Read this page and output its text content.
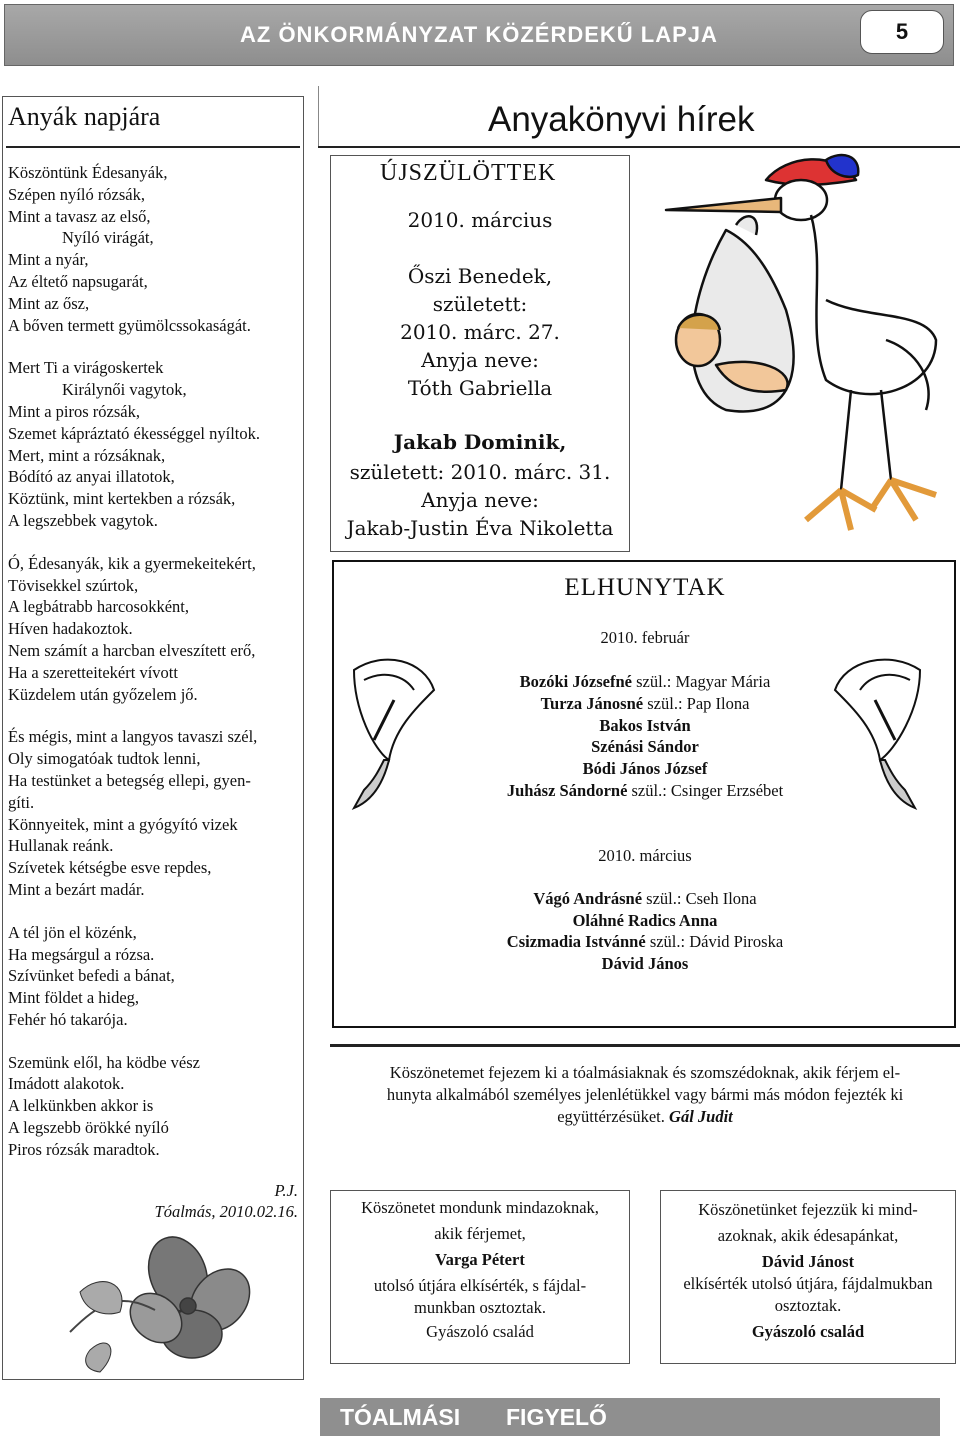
AZ ÖNKORMÁNYZAT KÖZÉRDEKŰ LAPJA	5
Anyák napjára
Köszöntünk Édesanyák,
Szépen nyíló rózsák,
Mint a tavasz az első,
Nyíló virágát,
Mint a nyár,
Az éltető napsugarát,
Mint az ősz,
A bőven termett gyümölcssokaságát.
Mert Ti a virágoskertek
Királynői vagytok,
Mint a piros rózsák,
Szemet kápráztató ékességgel nyíltok.
Mert, mint a rózsáknak,
Bódító az anyai illatotok,
Köztünk, mint kertekben a rózsák,
A legszebbek vagytok.
Ó, Édesanyák, kik a gyermekeitekért,
Tövisekkel szúrtok,
A legbátrabb harcosokként,
Híven hadakoztok.
Nem számít a harcban elveszített erő,
Ha a szeretteitekért vívott
Küzdelem után győzelem jő.
És mégis, mint a langyos tavaszi szél,
Oly simogatóak tudtok lenni,
Ha testünket a betegség ellepi, gyen-
gíti.
Könnyeitek, mint a gyógyító vizek
Hullanak reánk.
Szívetek kétségbe esve repdes,
Mint a bezárt madár.
A tél jön el közénk,
Ha megsárgul a rózsa.
Szívünket befedi a bánat,
Mint földet a hideg,
Fehér hó takarója.
Szemünk elől, ha ködbe vész
Imádott alakotok.
A lelkünkben akkor is
A legszebb örökké nyíló
Piros rózsák maradtok.
P.J.
Tóalmás, 2010.02.16.
Anyakönyvi hírek
ÚJSZÜLÖTTEK
2010. március
Őszi Benedek,
született:
2010. márc. 27.
Anyja neve:
Tóth Gabriella
Jakab Dominik,
született: 2010. márc. 31.
Anyja neve:
Jakab-Justin Éva Nikoletta
ELHUNYTAK
2010. február
Bozóki Józsefné szül.: Magyar Mária
Turza Jánosné szül.: Pap Ilona
Bakos István
Szénási Sándor
Bódi János József
Juhász Sándorné szül.: Csinger Erzsébet
2010. március
Vágó Andrásné szül.: Cseh Ilona
Oláhné Radics Anna
Csizmadia Istvánné szül.: Dávid Piroska
Dávid János
Köszönetemet fejezem ki a tóalmásiaknak és szomszédoknak, akik férjem el-
hunyta alkalmából személyes jelenlétükkel vagy bármi más módon fejezték ki
együttérzésüket. Gál Judit
Köszönetet mondunk mindazoknak,
akik férjemet,
Varga Pétert
utolsó útjára elkísérték, s fájdal-
munkban osztoztak.
Gyászoló család
Köszönetünket fejezzük ki mind-
azoknak, akik édesapánkat,
Dávid Jánost
elkísérték utolsó útjára, fájdalmukban
osztoztak.
Gyászoló család
TÓALMÁSI FIGYELŐ
